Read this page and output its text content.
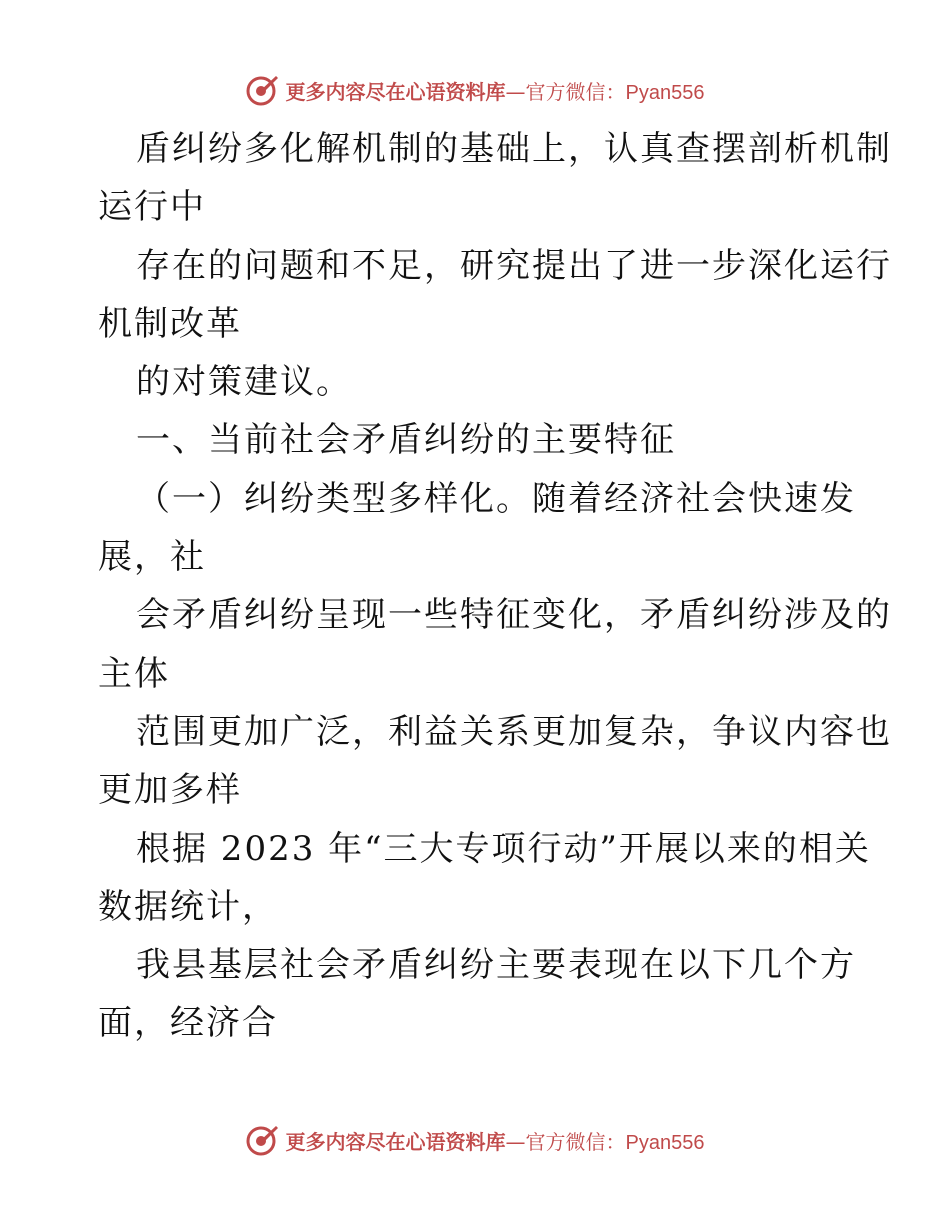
更多内容尽在心语资料库—官方微信：Pyan556
盾纠纷多化解机制的基础上，认真查摆剖析机制
运行中
存在的问题和不足，研究提出了进一步深化运行
机制改革
的对策建议。
一、当前社会矛盾纠纷的主要特征
（一）纠纷类型多样化。随着经济社会快速发
展，社
会矛盾纠纷呈现一些特征变化，矛盾纠纷涉及的
主体
范围更加广泛，利益关系更加复杂，争议内容也
更加多样
根据 2023 年“三大专项行动”开展以来的相关
数据统计，
我县基层社会矛盾纠纷主要表现在以下几个方
面，经济合
更多内容尽在心语资料库—官方微信：Pyan556
